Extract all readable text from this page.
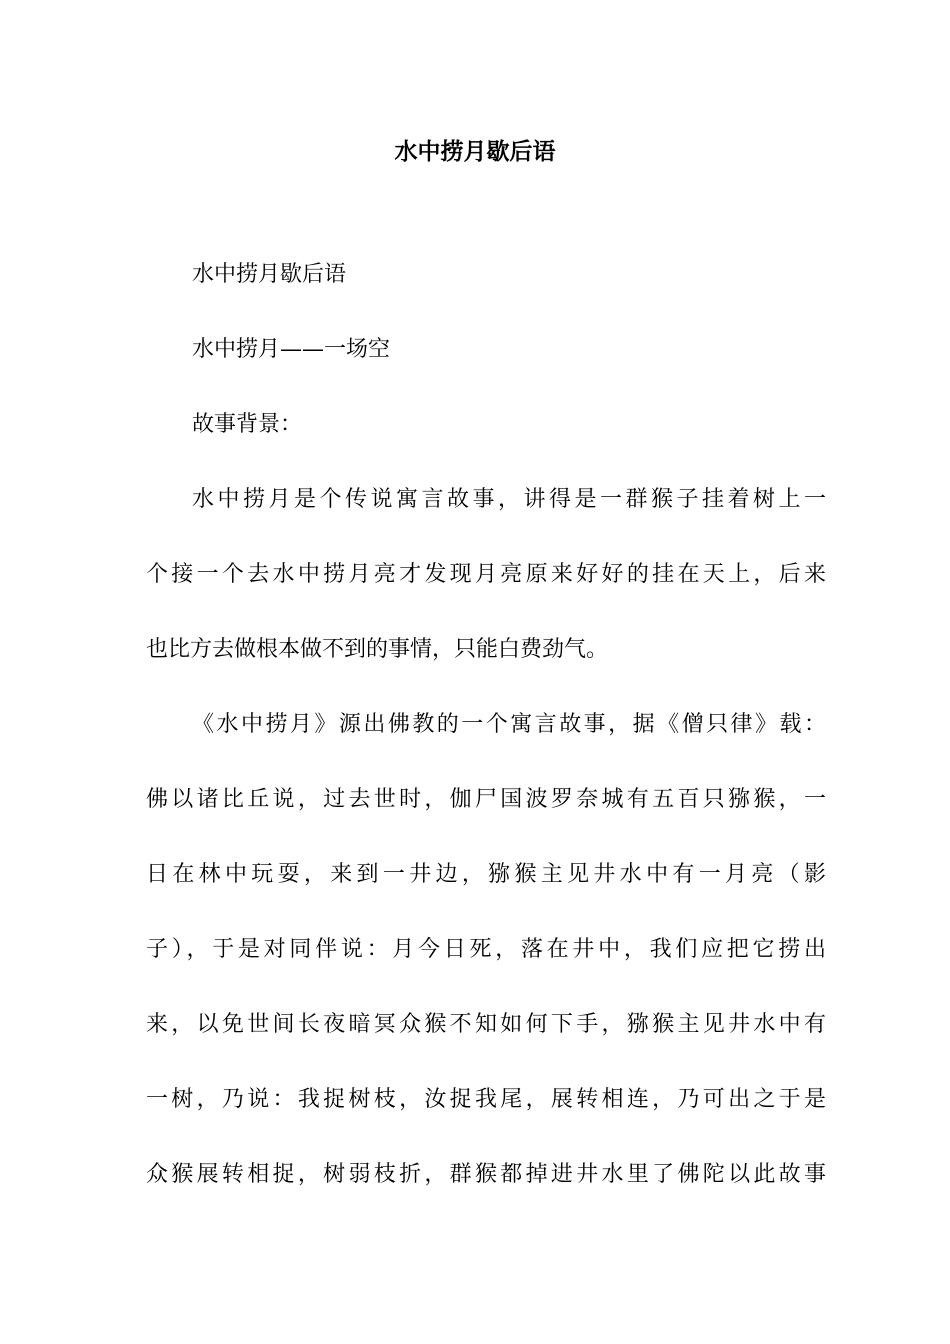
水中捞月歇后语
水中捞月歇后语
水中捞月——一场空
故事背景：
水中捞月是个传说寓言故事，讲得是一群猴子挂着树上一
个接一个去水中捞月亮才发现月亮原来好好的挂在天上，后来
也比方去做根本做不到的事情，只能白费劲气。
《水中捞月》源出佛教的一个寓言故事，据《僧只律》载：
佛以诸比丘说，过去世时，伽尸国波罗奈城有五百只猕猴，一
日在林中玩耍，来到一井边，猕猴主见井水中有一月亮（影
子），于是对同伴说：月今日死，落在井中，我们应把它捞出
来，以免世间长夜暗冥众猴不知如何下手，猕猴主见井水中有
一树，乃说：我捉树枝，汝捉我尾，展转相连，乃可出之于是
众猴展转相捉，树弱枝折，群猴都掉进井水里了佛陀以此故事
